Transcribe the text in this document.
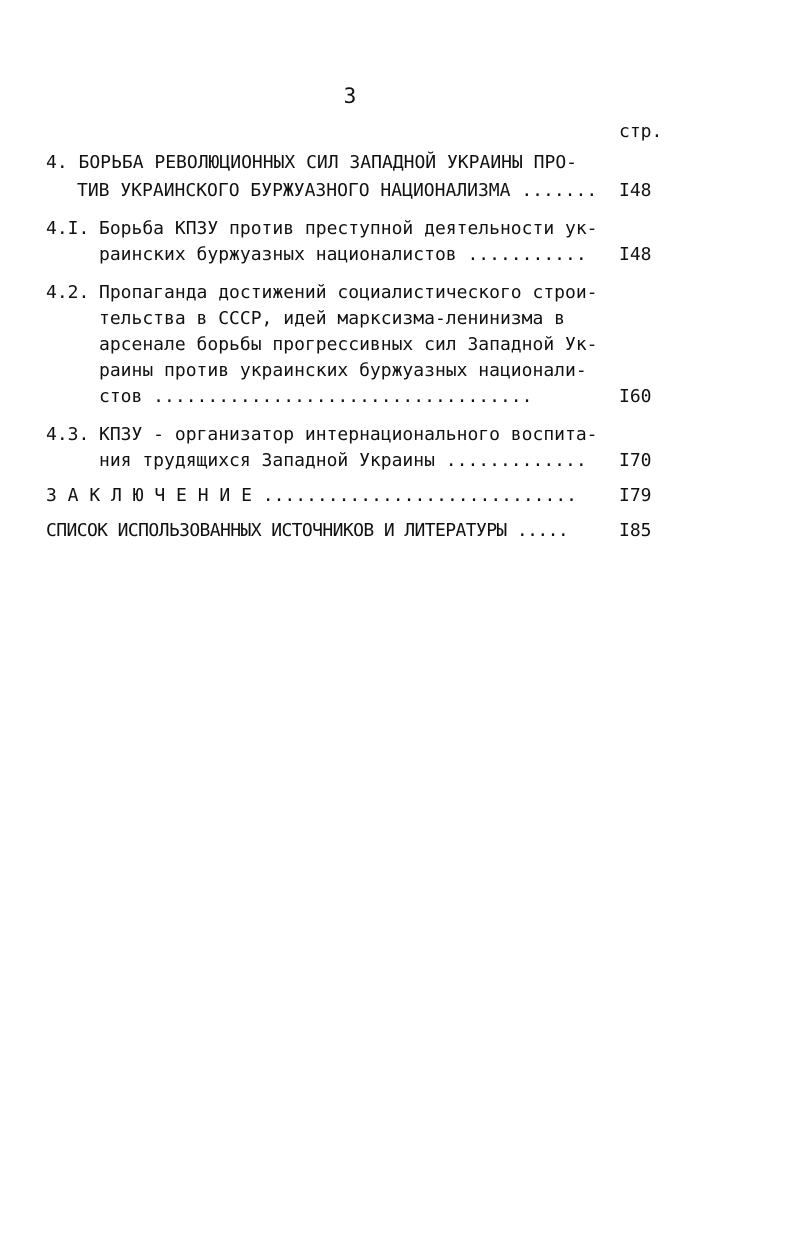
3
стр.
4. БОРЬБА РЕВОЛЮЦИОННЫХ СИЛ ЗАПАДНОЙ УКРАИНЫ ПРО-
ТИВ УКРАИНСКОГО БУРЖУАЗНОГО НАЦИОНАЛИЗМА ....... I48
4.I. Борьба КПЗУ против преступной деятельности ук-
раинских буржуазных националистов ........... I48
4.2. Пропаганда достижений социалистического строи-
тельства в СССР, идей марксизма-ленинизма в
арсенале борьбы прогрессивных сил Западной Ук-
раины против украинских буржуазных национали-
стов ...................................	I60
4.3. КПЗУ - организатор интернационального воспита-
ния трудящихся Западной Украины ............. I70
З А К Л Ю Ч Е Н И Е ............................. I79
СПИСОК ИСПОЛЬЗОВАННЫХ ИСТОЧНИКОВ И ЛИТЕРАТУРЫ .....	I85
